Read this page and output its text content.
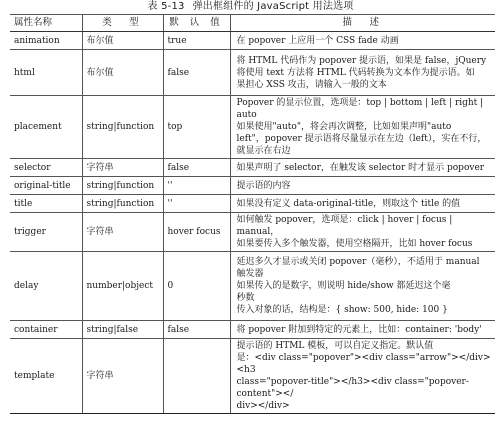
表 5-13 弹出框组件的 JavaScript 用法选项
属性名称	类　型	默 认 值	描　述
animation	布尔值	true	在 popover 上应用一个 CSS fade 动画

html	布尔值	false	将 HTML 代码作为 popover 提示语，如果是 false，jQuery
将使用 text 方法将 HTML 代码转换为文本作为提示语。如
果担心 XSS 攻击，请输入一般的文本

placement	string|function	top	Popover 的显示位置，选项是：top | bottom | left | right |
auto
如果使用"auto"，将会再次调整，比如如果声明"auto
left"，popover 提示语将尽量显示在左边（left），实在不行，
就显示在右边

selector	字符串	false	如果声明了 selector，在触发该 selector 时才显示 popover

original-title	string|function	''	提示语的内容

title	string|function	''	如果没有定义 data-original-title，则取这个 title 的值

trigger	字符串	hover focus	如何触发 popover，选项是：click | hover | focus | manual，
如果要传入多个触发器，使用空格隔开，比如 hover focus

delay	number|object	0	延迟多久才显示或关闭 popover（毫秒），不适用于 manual
触发器
如果传入的是数字，则说明 hide/show 都延迟这个毫
秒数
传入对象的话，结构是：{ show: 500, hide: 100 }

container	string|false	false	将 popover 附加到特定的元素上，比如：container: 'body'

template	字符串		提示语的 HTML 模板，可以自定义指定。默认值
是：<div class="popover"><div class="arrow"></div><h3
class="popover-title"></h3><div class="popover-content"></
div></div>
